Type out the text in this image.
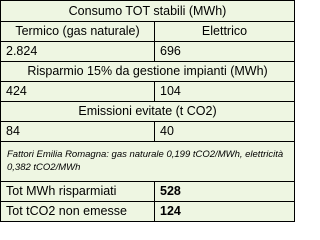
Consumo TOT stabili (MWh)
Termico (gas naturale)	Elettrico
2.824	696
Risparmio 15% da gestione impianti (MWh)
424	104
Emissioni evitate (t CO2)
84	40
Fattori Emilia Romagna: gas naturale 0,199 tCO2/MWh, elettricità 0,382 tCO2/MWh
Tot MWh risparmiati	528
Tot tCO2 non emesse	124
